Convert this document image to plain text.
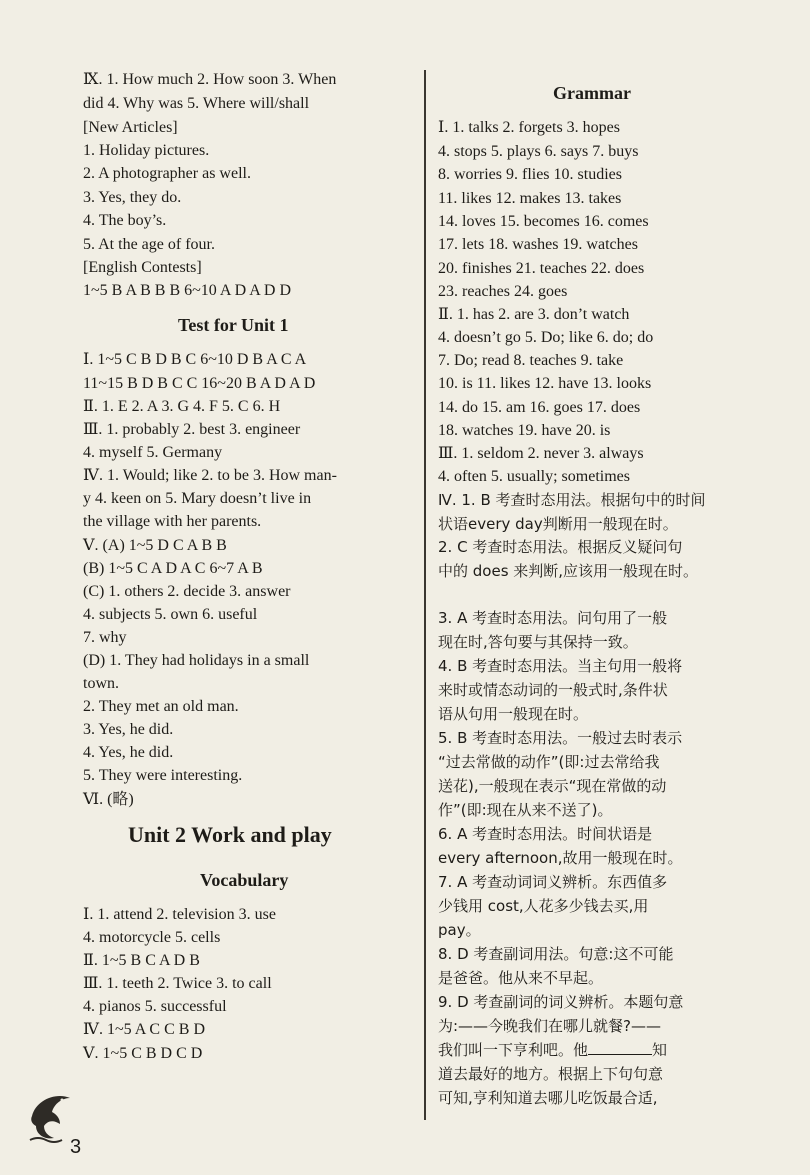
Ⅸ. 1. How much 2. How soon 3. When
did 4. Why was 5. Where will/shall
[New Articles]
1. Holiday pictures.
2. A photographer as well.
3. Yes, they do.
4. The boy’s.
5. At the age of four.
[English Contests]
1~5 B A B B B 6~10 A D A D D
Test for Unit 1
Ⅰ. 1~5 C B D B C 6~10 D B A C A
11~15 B D B C C 16~20 B A D A D
Ⅱ. 1. E 2. A 3. G 4. F 5. C 6. H
Ⅲ. 1. probably 2. best 3. engineer
4. myself 5. Germany
Ⅳ. 1. Would; like 2. to be 3. How man-
y 4. keen on 5. Mary doesn’t live in
the village with her parents.
Ⅴ. (A) 1~5 D C A B B
(B) 1~5 C A D A C 6~7 A B
(C) 1. others 2. decide 3. answer
4. subjects 5. own 6. useful
7. why
(D) 1. They had holidays in a small
town.
2. They met an old man.
3. Yes, he did.
4. Yes, he did.
5. They were interesting.
Ⅵ. (略)
Unit 2 Work and play
Vocabulary
Ⅰ. 1. attend 2. television 3. use
4. motorcycle 5. cells
Ⅱ. 1~5 B C A D B
Ⅲ. 1. teeth 2. Twice 3. to call
4. pianos 5. successful
Ⅳ. 1~5 A C C B D
Ⅴ. 1~5 C B D C D
Grammar
Ⅰ. 1. talks 2. forgets 3. hopes
4. stops 5. plays 6. says 7. buys
8. worries 9. flies 10. studies
11. likes 12. makes 13. takes
14. loves 15. becomes 16. comes
17. lets 18. washes 19. watches
20. finishes 21. teaches 22. does
23. reaches 24. goes
Ⅱ. 1. has 2. are 3. don’t watch
4. doesn’t go 5. Do; like 6. do; do
7. Do; read 8. teaches 9. take
10. is 11. likes 12. have 13. looks
14. do 15. am 16. goes 17. does
18. watches 19. have 20. is
Ⅲ. 1. seldom 2. never 3. always
4. often 5. usually; sometimes
Ⅳ. 1. B 考查时态用法。根据句中的时间
状语every day判断用一般现在时。
2. C 考查时态用法。根据反义疑问句
中的 does 来判断,应该用一般现在时。
3. A 考查时态用法。问句用了一般
现在时,答句要与其保持一致。
4. B 考查时态用法。当主句用一般将
来时或情态动词的一般式时,条件状
语从句用一般现在时。
5. B 考查时态用法。一般过去时表示
“过去常做的动作”(即:过去常给我
送花),一般现在表示“现在常做的动
作”(即:现在从来不送了)。
6. A 考查时态用法。时间状语是
every afternoon,故用一般现在时。
7. A 考查动词词义辨析。东西值多
少钱用 cost,人花多少钱去买,用
pay。
8. D 考查副词用法。句意:这不可能
是爸爸。他从来不早起。
9. D 考查副词的词义辨析。本题句意
为:——今晚我们在哪儿就餐?——
我们叫一下亨利吧。他	知
道去最好的地方。根据上下句句意
可知,亨利知道去哪儿吃饭最合适,
3
